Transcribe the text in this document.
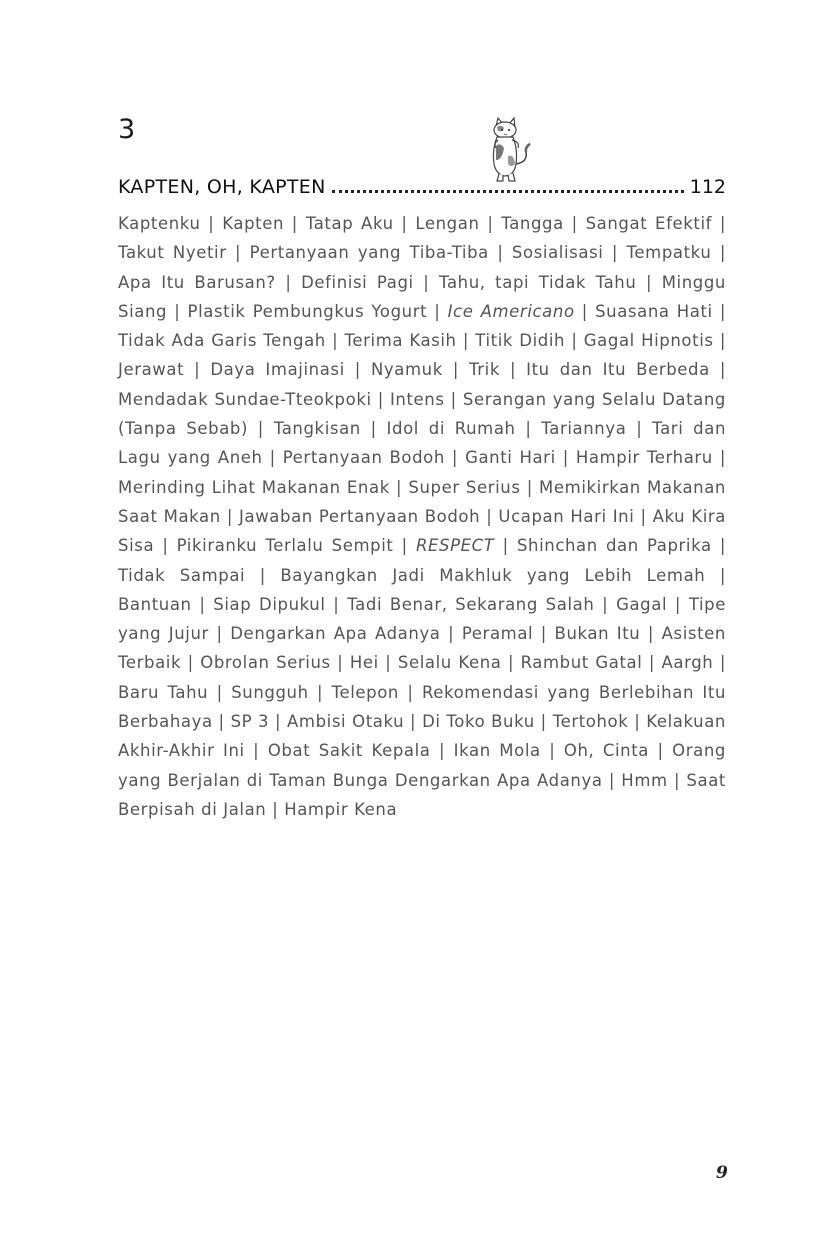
3
KAPTEN, OH, KAPTEN	112

Kaptenku | Kapten | Tatap Aku | Lengan | Tangga | Sangat Efektif | Takut Nyetir | Pertanyaan yang Tiba-Tiba | Sosialisasi | Tempatku | Apa Itu Barusan? | Definisi Pagi | Tahu, tapi Tidak Tahu | Minggu Siang | Plastik Pembungkus Yogurt | Ice Americano | Suasana Hati | Tidak Ada Garis Tengah | Terima Kasih | Titik Didih | Gagal Hipnotis | Jerawat | Daya Imajinasi | Nyamuk | Trik | Itu dan Itu Berbeda | Mendadak Sundae-Tteokpoki | Intens | Serangan yang Selalu Datang (Tanpa Sebab) | Tangkisan | Idol di Rumah | Tariannya | Tari dan Lagu yang Aneh | Pertanyaan Bodoh | Ganti Hari | Hampir Terharu | Merinding Lihat Makanan Enak | Super Serius | Memikirkan Makanan Saat Makan | Jawaban Pertanyaan Bodoh | Ucapan Hari Ini | Aku Kira Sisa | Pikiranku Terlalu Sempit | RESPECT | Shinchan dan Paprika | Tidak Sampai | Bayangkan Jadi Makhluk yang Lebih Lemah | Bantuan | Siap Dipukul | Tadi Benar, Sekarang Salah | Gagal | Tipe yang Jujur | Dengarkan Apa Adanya | Peramal | Bukan Itu | Asisten Terbaik | Obrolan Serius | Hei | Selalu Kena | Rambut Gatal | Aargh | Baru Tahu | Sungguh | Telepon | Rekomendasi yang Berlebihan Itu Berbahaya | SP 3 | Ambisi Otaku | Di Toko Buku | Tertohok | Kelakuan Akhir-Akhir Ini | Obat Sakit Kepala | Ikan Mola | Oh, Cinta | Orang yang Berjalan di Taman Bunga Dengarkan Apa Adanya | Hmm | Saat Berpisah di Jalan | Hampir Kena

9
